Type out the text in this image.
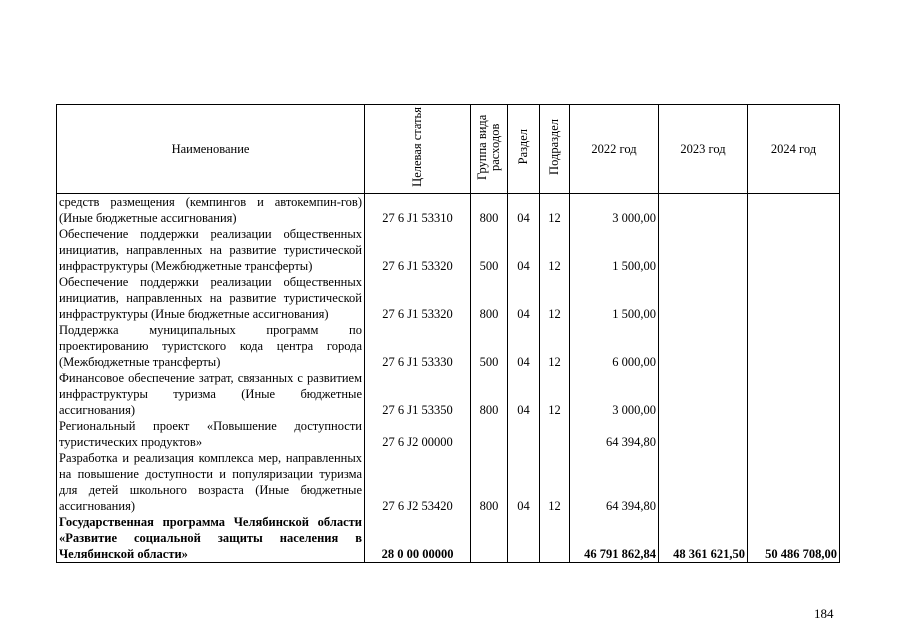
Наименование	Целевая статья	Группа вида расходов	Раздел	Подраздел	2022 год	2023 год	2024 год
средств размещения (кемпингов и автокемпин-гов) (Иные бюджетные ассигнования)	27 6 J1 53310	800	04	12	3 000,00		
Обеспечение поддержки реализации общественных инициатив, направленных на развитие туристической инфраструктуры (Межбюджетные трансферты)	27 6 J1 53320	500	04	12	1 500,00		
Обеспечение поддержки реализации общественных инициатив, направленных на развитие туристической инфраструктуры (Иные бюджетные ассигнования)	27 6 J1 53320	800	04	12	1 500,00		
Поддержка муниципальных программ по проектированию туристского кода центра города (Межбюджетные трансферты)	27 6 J1 53330	500	04	12	6 000,00		
Финансовое обеспечение затрат, связанных с развитием инфраструктуры туризма (Иные бюджетные ассигнования)	27 6 J1 53350	800	04	12	3 000,00		
Региональный проект «Повышение доступности туристических продуктов»	27 6 J2 00000				64 394,80		
Разработка и реализация комплекса мер, направленных на повышение доступности и популяризации туризма для детей школьного возраста (Иные бюджетные ассигнования)	27 6 J2 53420	800	04	12	64 394,80		
Государственная программа Челябинской области «Развитие социальной защиты населения в Челябинской области»	28 0 00 00000				46 791 862,84	48 361 621,50	50 486 708,00
184
